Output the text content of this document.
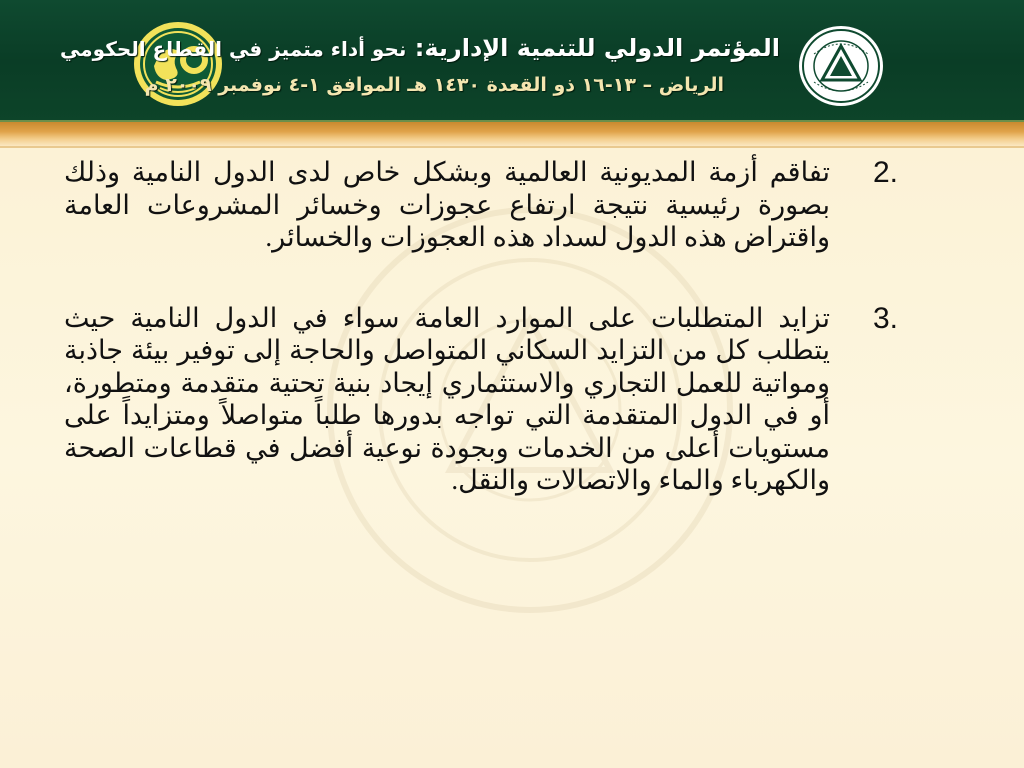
المؤتمر الدولي للتنمية الإدارية: نحو أداء متميز في القطاع الحكومي
الرياض – ١٣-١٦ ذو القعدة ١٤٣٠ هـ الموافق ١-٤ نوفمبر ٢٠٠٩ م
2.
تفاقم أزمة المديونية العالمية وبشكل خاص لدى الدول النامية وذلك بصورة رئيسية نتيجة ارتفاع عجوزات وخسائر المشروعات العامة واقتراض هذه الدول لسداد هذه العجوزات والخسائر.
3.
تزايد المتطلبات على الموارد العامة سواء في الدول النامية حيث يتطلب كل من التزايد السكاني المتواصل والحاجة إلى توفير بيئة جاذبة ومواتية للعمل التجاري والاستثماري إيجاد بنية تحتية متقدمة ومتطورة، أو في الدول المتقدمة التي تواجه بدورها طلباً متواصلاً ومتزايداً على مستويات أعلى من الخدمات وبجودة نوعية أفضل في قطاعات الصحة والكهرباء والماء والاتصالات والنقل.
